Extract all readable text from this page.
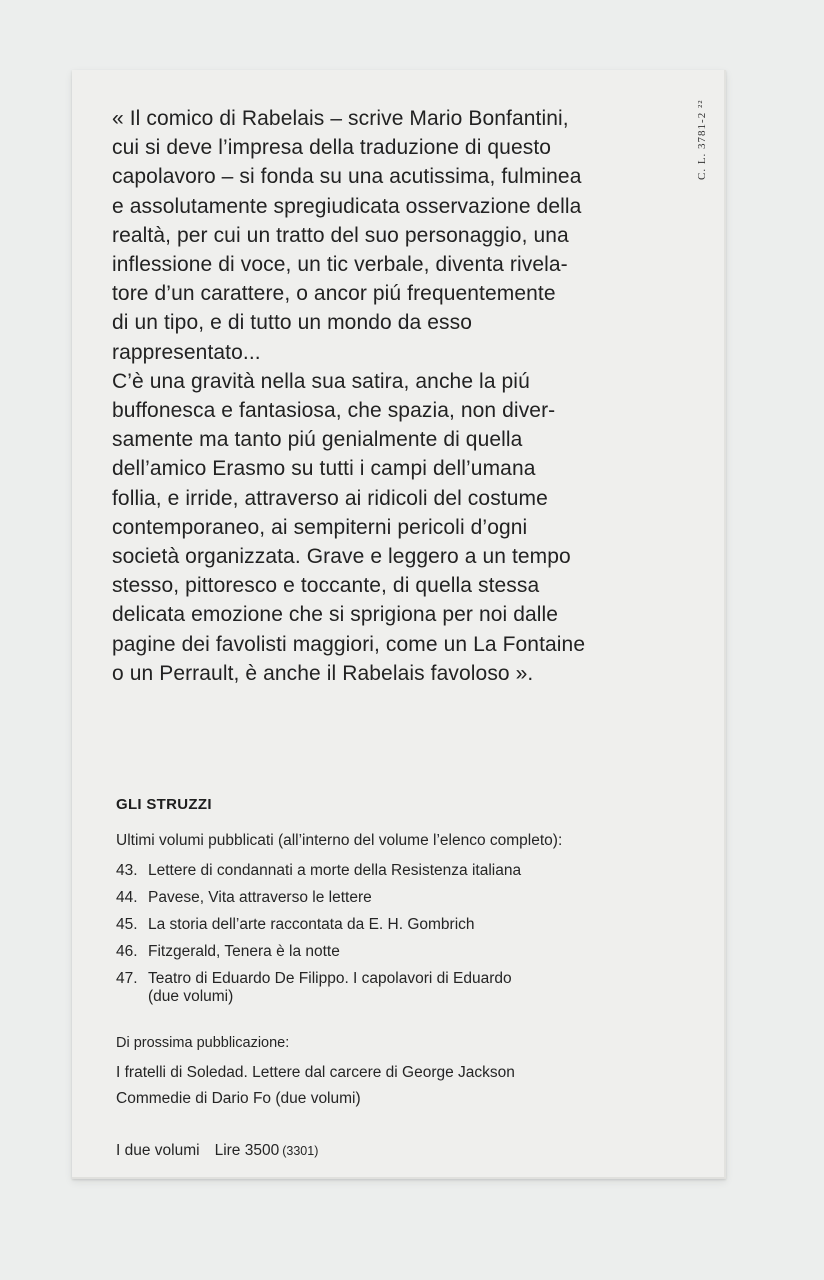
C. L. 3781-2 ²²
« Il comico di Rabelais – scrive Mario Bonfantini,
cui si deve l’impresa della traduzione di questo
capolavoro – si fonda su una acutissima, fulminea
e assolutamente spregiudicata osservazione della
realtà, per cui un tratto del suo personaggio, una
inflessione di voce, un tic verbale, diventa rivela-
tore d’un carattere, o ancor piú frequentemente
di un tipo, e di tutto un mondo da esso
rappresentato...
C’è una gravità nella sua satira, anche la piú
buffonesca e fantasiosa, che spazia, non diver-
samente ma tanto piú genialmente di quella
dell’amico Erasmo su tutti i campi dell’umana
follia, e irride, attraverso ai ridicoli del costume
contemporaneo, ai sempiterni pericoli d’ogni
società organizzata. Grave e leggero a un tempo
stesso, pittoresco e toccante, di quella stessa
delicata emozione che si sprigiona per noi dalle
pagine dei favolisti maggiori, come un La Fontaine
o un Perrault, è anche il Rabelais favoloso ».
GLI STRUZZI
Ultimi volumi pubblicati (all’interno del volume l’elenco completo):
43. Lettere di condannati a morte della Resistenza italiana
44. Pavese, Vita attraverso le lettere
45. La storia dell’arte raccontata da E. H. Gombrich
46. Fitzgerald, Tenera è la notte
47. Teatro di Eduardo De Filippo. I capolavori di Eduardo
(due volumi)
Di prossima pubblicazione:
I fratelli di Soledad. Lettere dal carcere di George Jackson
Commedie di Dario Fo (due volumi)
I due volumi Lire 3500 (3301)
